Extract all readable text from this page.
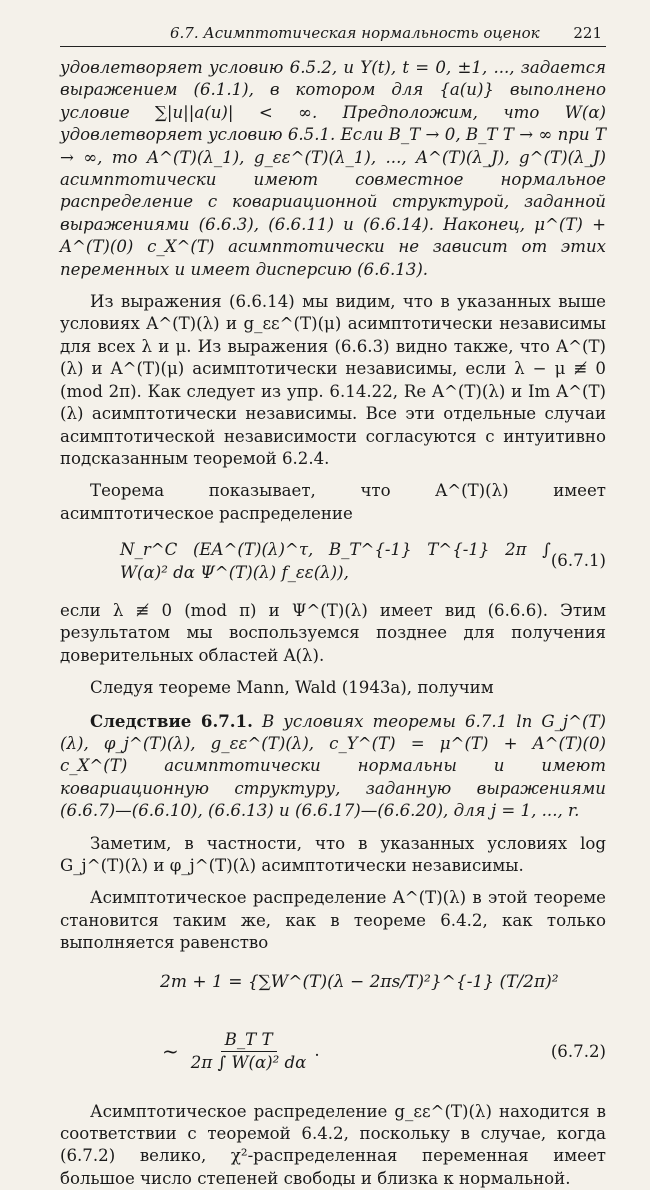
6.7. Асимптотическая нормальность оценок 221

удовлетворяет условию 6.5.2, и Y(t), t = 0, ±1, ..., задается выражением (6.1.1), в котором для {a(u)} выполнено условие ∑|u||a(u)| < ∞. Предположим, что W(α) удовлетворяет условию 6.5.1. Если B_T → 0, B_T T → ∞ при T → ∞, то A^(T)(λ_1), g_εε^(T)(λ_1), ..., A^(T)(λ_J), g^(T)(λ_J) асимптотически имеют совместное нормальное распределение с ковариационной структурой, заданной выражениями (6.6.3), (6.6.11) и (6.6.14). Наконец, μ^(T) + A^(T)(0) c_X^(T) асимптотически не зависит от этих переменных и имеет дисперсию (6.6.13).

Из выражения (6.6.14) мы видим, что в указанных выше условиях A^(T)(λ) и g_εε^(T)(μ) асимптотически независимы для всех λ и μ. Из выражения (6.6.3) видно также, что A^(T)(λ) и A^(T)(μ) асимптотически независимы, если λ − μ ≢ 0 (mod 2π). Как следует из упр. 6.14.22, Re A^(T)(λ) и Im A^(T)(λ) асимптотически независимы. Все эти отдельные случаи асимптотической независимости согласуются с интуитивно подсказанным теоремой 6.2.4.

Теорема показывает, что A^(T)(λ) имеет асимптотическое распределение

N_r^C (EA^(T)(λ)^τ, B_T^{-1} T^{-1} 2π ∫ W(α)² dα Ψ^(T)(λ) f_εε(λ)),
(6.7.1)

если λ ≢ 0 (mod π) и Ψ^(T)(λ) имеет вид (6.6.6). Этим результатом мы воспользуемся позднее для получения доверительных областей A(λ).

Следуя теореме Mann, Wald (1943a), получим

Следствие 6.7.1. В условиях теоремы 6.7.1 ln G_j^(T)(λ), φ_j^(T)(λ), g_εε^(T)(λ), c_Y^(T) = μ^(T) + A^(T)(0) c_X^(T) асимптотически нормальны и имеют ковариационную структуру, заданную выражениями (6.6.7)—(6.6.10), (6.6.13) и (6.6.17)—(6.6.20), для j = 1, ..., r.

Заметим, в частности, что в указанных условиях log G_j^(T)(λ) и φ_j^(T)(λ) асимптотически независимы.

Асимптотическое распределение A^(T)(λ) в этой теореме становится таким же, как в теореме 6.4.2, как только выполняется равенство

2m + 1 = {∑W^(T)(λ − 2πs/T)²}^{-1} (T/2π)²
~ $\frac{\text{B\_T T}}{\text{2π ∫ W(α)² dα}}$ .	(6.7.2)

Асимптотическое распределение g_εε^(T)(λ) находится в соответствии с теоремой 6.4.2, поскольку в случае, когда (6.7.2) велико, χ²-распределенная переменная имеет большое число степеней свободы и близка к нормальной.
